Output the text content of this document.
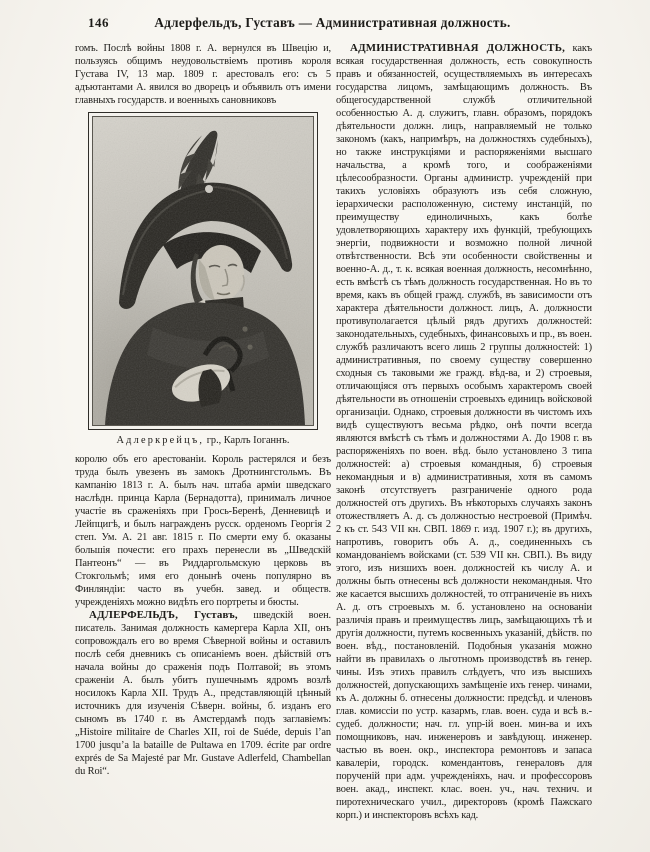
146	Адлерфельдъ, Густавъ — Административная должность.

гомъ. Послѣ войны 1808 г. А. вернулся въ Швецію и, пользуясь общимъ неудовольствіемъ противъ короля Густава IV, 13 мар. 1809 г. арестовалъ его: съ 5 адъютантами А. явился во дворецъ и объявилъ отъ имени главныхъ государств. и военныхъ сановниковъ

Адлеркрейцъ, гр., Карлъ Іоганнъ.

королю объ его арестованіи. Король растерялся и безъ труда былъ увезенъ въ замокъ Дротнингстольмъ. Въ кампанію 1813 г. А. былъ нач. штаба арміи шведскаго наслѣдн. принца Карла (Бернадотта), принималъ личное участіе въ сраженіяхъ при Грось-Беренѣ, Денневицѣ и Лейпцигѣ, и былъ награжденъ русск. орденомъ Георгія 2 степ. Ум. А. 21 авг. 1815 г. По смерти ему б. оказаны большія почести: его прахъ перенесли въ „Шведскій Пантеонъ“ — въ Риддаргольмскую церковь въ Стокгольмѣ; имя его донынѣ очень популярно въ Финляндіи: часто въ учебн. завед. и обществ. учрежденіяхъ можно видѣть его портреты и бюсты.

АДЛЕРФЕЛЬДЪ, Густавъ, шведскій воен. писатель. Занимая должность камергера Карла XII, онъ сопровождалъ его во время Сѣверной войны и оставилъ послѣ себя дневникъ съ описаніемъ воен. дѣйствій отъ начала войны до сраженія подъ Полтавой; въ этомъ сраженіи А. былъ убитъ пушечнымъ ядромъ возлѣ носилокъ Карла XII. Трудъ А., представляющій цѣнный источникъ для изученія Сѣверн. войны, б. изданъ его сыномъ въ 1740 г. въ Амстердамѣ подъ заглавіемъ: „Histoire militaire de Charles XII, roi de Suéde, depuis l’an 1700 jusqu’a la bataille de Pultawa en 1709. écrite par ordre exprés de Sa Majesté par Mr. Gustave Adlerfeld, Chambellan du Roi“.

АДМИНИСТРАТИВНАЯ ДОЛЖНОСТЬ, какъ всякая государственная должность, есть совокупность правъ и обязанностей, осуществляемыхъ въ интересахъ государства лицомъ, замѣщающимъ должность. Въ общегосударственной службѣ отличительной особенностью А. д. служитъ, главн. образомъ, порядокъ дѣятельности должн. лицъ, направляемый не только закономъ (какъ, напримѣръ, на должностяхъ судебныхъ), но также инструкціями и распоряженіями высшаго начальства, а кромѣ того, и соображеніями цѣлесообразности. Органы администр. учрежденій при такихъ условіяхъ образуютъ изъ себя сложную, іерархически расположенную, систему инстанцій, по преимуществу единоличныхъ, какъ болѣе удовлетворяющихъ характеру ихъ функцій, требующихъ энергіи, подвижности и возможно полной личной отвѣтственности. Всѣ эти особенности свойственны и военно-А. д., т. к. всякая военная должность, несомнѣнно, есть вмѣстѣ съ тѣмъ должность государственная. Но въ то время, какъ въ общей гражд. службѣ, въ зависимости отъ характера дѣятельности должност. лицъ, А. должности противуполагается цѣлый рядъ другихъ должностей: законодательныхъ, судебныхъ, финансовыхъ и пр., въ воен. службѣ различаютъ всего лишь 2 группы должностей: 1) административныя, по своему существу совершенно сходныя съ таковыми же гражд. вѣд-ва, и 2) строевыя, отличающіяся отъ первыхъ особымъ характеромъ своей дѣятельности въ отношеніи строевыхъ единицъ войсковой организаціи. Однако, строевыя должности въ чистомъ ихъ видѣ существуютъ весьма рѣдко, онѣ почти всегда являются вмѣстѣ съ тѣмъ и должностями А. До 1908 г. въ распоряженіяхъ по воен. вѣд. было установлено 3 типа должностей: а) строевыя командныя, б) строевыя некомандныя и в) административныя, хотя въ самомъ законѣ отсутствуетъ разграниченіе одного рода должностей отъ другихъ. Въ нѣкоторыхъ случаяхъ законъ отожествляетъ А. д. съ должностью нестроевой (Примѣч. 2 къ ст. 543 VII кн. СВП. 1869 г. изд. 1907 г.); въ другихъ, напротивъ, говоритъ объ А. д., соединенныхъ съ командованіемъ войсками (ст. 539 VII кн. СВП.). Въ виду этого, изъ низшихъ воен. должностей къ числу А. и должны быть отнесены всѣ должности некомандныя. Что же касается высшихъ должностей, то отграниченіе въ нихъ А. д. отъ строевыхъ м. б. установлено на основаніи различія правъ и преимуществъ лицъ, замѣщающихъ тѣ и другія должности, путемъ косвенныхъ указаній, дѣйств. по воен. вѣд., постановленій. Подобныя указанія можно найти въ правилахъ о льготномъ производствѣ въ генер. чины. Изъ этихъ правилъ слѣдуетъ, что изъ высшихъ должностей, допускающихъ замѣщеніе ихъ генер. чинами, къ А. должны б. отнесены должности: предсѣд. и членовъ глав. комиссіи по устр. казармъ, глав. воен. суда и всѣ в.-судеб. должности; нач. гл. упр-ій воен. мин-ва и ихъ помощниковъ, нач. инженеровъ и завѣдующ. инженер. частью въ воен. окр., инспектора ремонтовъ и запаса кавалеріи, городск. комендантовъ, генераловъ для порученій при адм. учрежденіяхъ, нач. и профессоровъ воен. акад., инспект. клас. воен. уч., нач. технич. и пиротехническаго учил., директоровъ (кромѣ Пажскаго корп.) и инспекторовъ всѣхъ кад.
